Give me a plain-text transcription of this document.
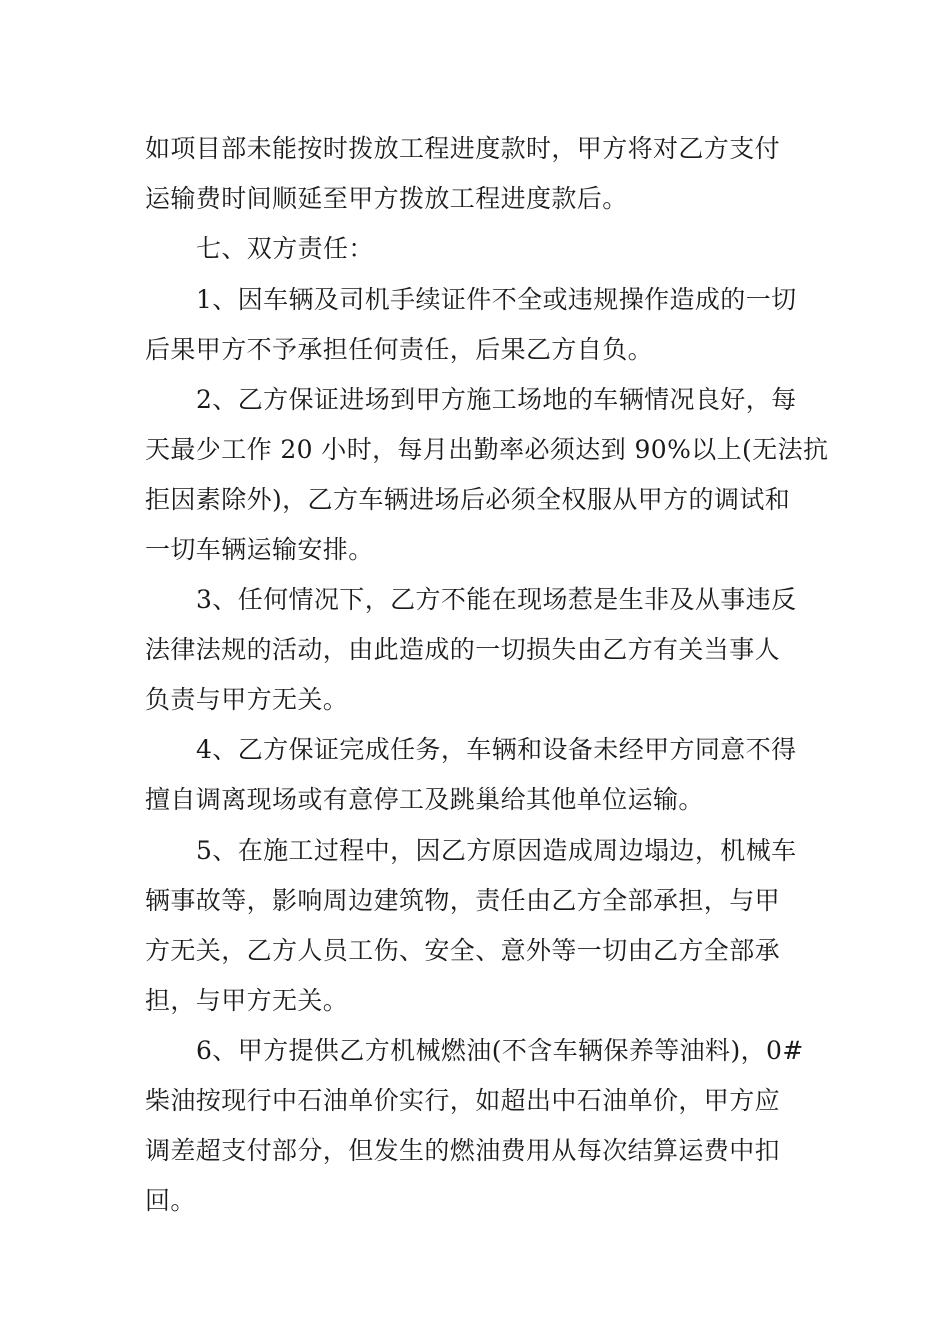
如项目部未能按时拨放工程进度款时，甲方将对乙方支付
运输费时间顺延至甲方拨放工程进度款后。
七、双方责任：
1、因车辆及司机手续证件不全或违规操作造成的一切
后果甲方不予承担任何责任，后果乙方自负。
2、乙方保证进场到甲方施工场地的车辆情况良好，每
天最少工作 20 小时，每月出勤率必须达到 90%以上(无法抗
拒因素除外)，乙方车辆进场后必须全权服从甲方的调试和
一切车辆运输安排。
3、任何情况下，乙方不能在现场惹是生非及从事违反
法律法规的活动，由此造成的一切损失由乙方有关当事人
负责与甲方无关。
4、乙方保证完成任务，车辆和设备未经甲方同意不得
擅自调离现场或有意停工及跳巢给其他单位运输。
5、在施工过程中，因乙方原因造成周边塌边，机械车
辆事故等，影响周边建筑物，责任由乙方全部承担，与甲
方无关，乙方人员工伤、安全、意外等一切由乙方全部承
担，与甲方无关。
6、甲方提供乙方机械燃油(不含车辆保养等油料)，0#
柴油按现行中石油单价实行，如超出中石油单价，甲方应
调差超支付部分，但发生的燃油费用从每次结算运费中扣
回。
